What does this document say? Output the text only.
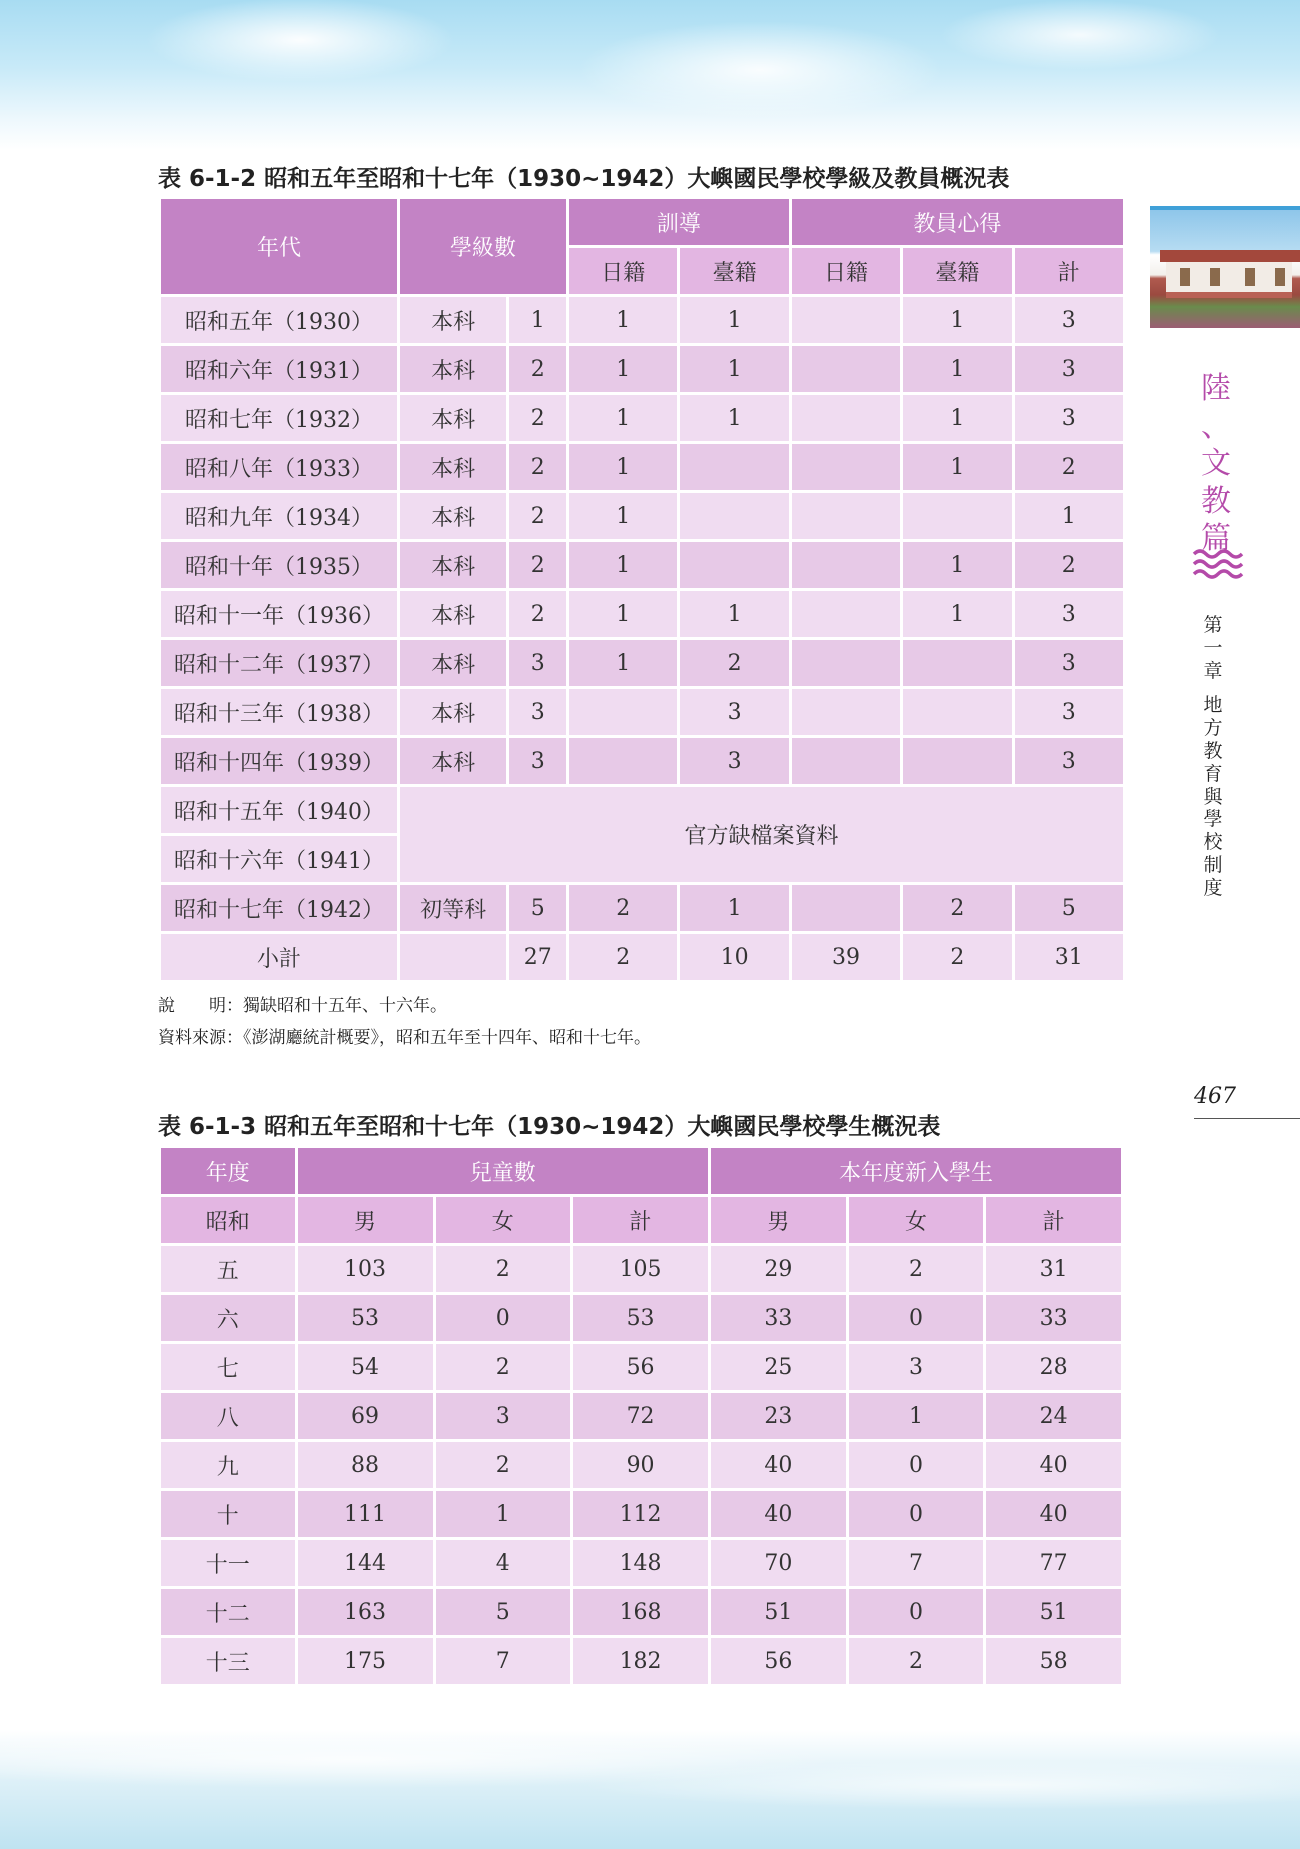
表 6-1-2 昭和五年至昭和十七年（1930~1942）大嶼國民學校學級及教員概況表
年代	學級數		訓導		教員心得		
			日籍	臺籍	日籍	臺籍	計
昭和五年（1930）	本科	1	1	1		1	3
昭和六年（1931）	本科	2	1	1		1	3
昭和七年（1932）	本科	2	1	1		1	3
昭和八年（1933）	本科	2	1			1	2
昭和九年（1934）	本科	2	1				1
昭和十年（1935）	本科	2	1			1	2
昭和十一年（1936）	本科	2	1	1		1	3
昭和十二年（1937）	本科	3	1	2			3
昭和十三年（1938）	本科	3		3			3
昭和十四年（1939）	本科	3		3			3
昭和十五年（1940）	官方缺檔案資料						
昭和十六年（1941）							
昭和十七年（1942）	初等科	5	2	1		2	5
小計		27	2	10	39	2	31
說　　明：獨缺昭和十五年、十六年。
資料來源：《澎湖廳統計概要》，昭和五年至十四年、昭和十七年。
表 6-1-3 昭和五年至昭和十七年（1930~1942）大嶼國民學校學生概況表
年度	兒童數			本年度新入學生		
昭和	男	女	計	男	女	計
五	103	2	105	29	2	31
六	53	0	53	33	0	33
七	54	2	56	25	3	28
八	69	3	72	23	1	24
九	88	2	90	40	0	40
十	111	1	112	40	0	40
十一	144	4	148	70	7	77
十二	163	5	168	51	0	51
十三	175	7	182	56	2	58
陸
、
文
教
篇
第
一
章
地
方
教
育
與
學
校
制
度
467
